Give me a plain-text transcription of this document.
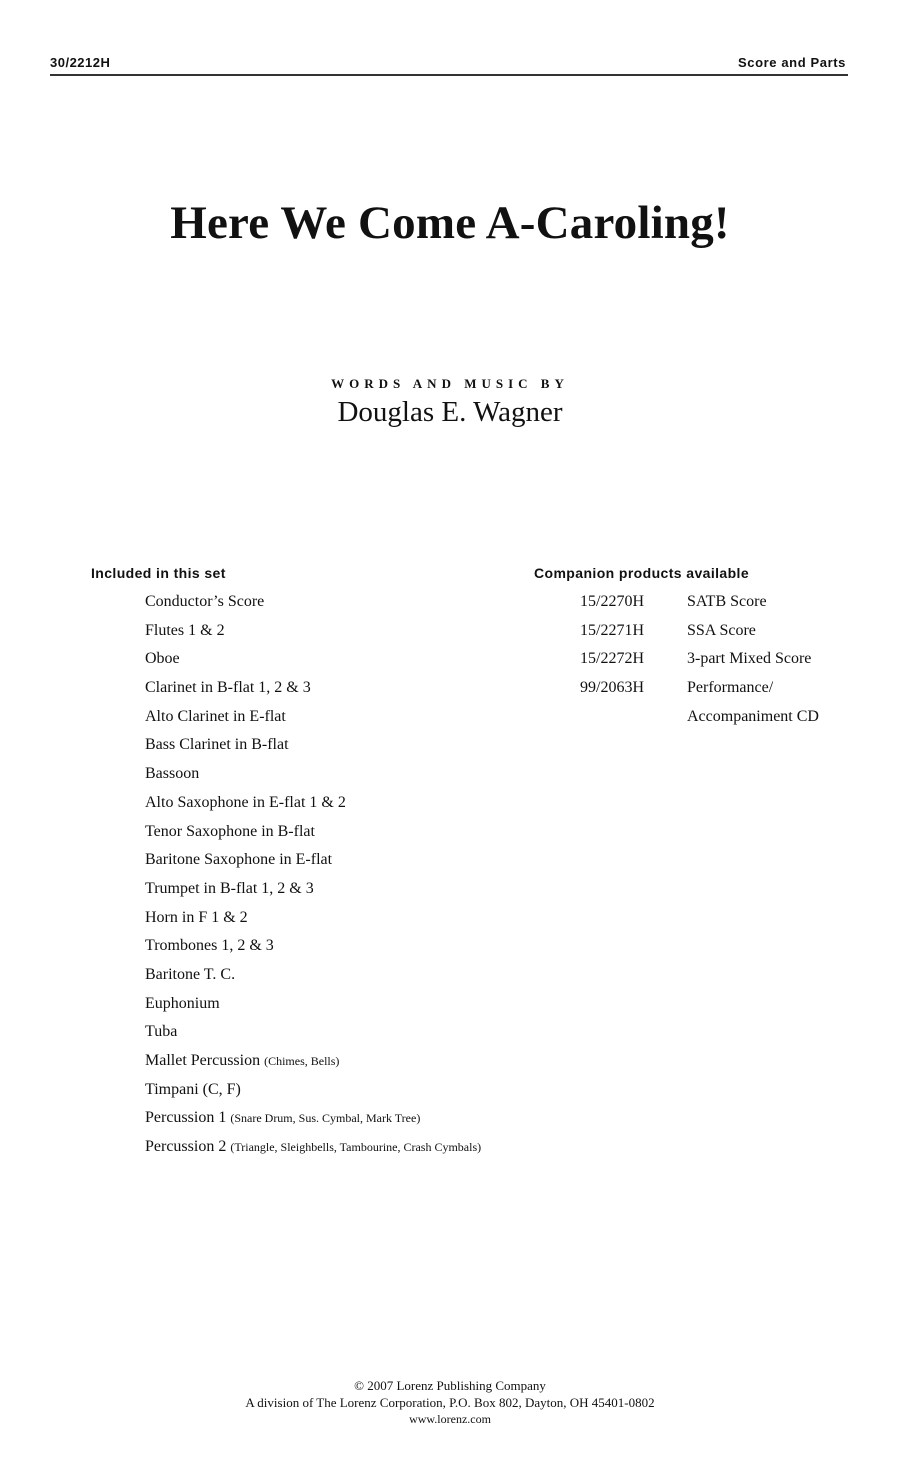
30/2212H	Score and Parts
Here We Come A-Caroling!
WORDS AND MUSIC BY
Douglas E. Wagner
Included in this set
Conductor’s Score
Flutes 1 & 2
Oboe
Clarinet in B-flat 1, 2 & 3
Alto Clarinet in E-flat
Bass Clarinet in B-flat
Bassoon
Alto Saxophone in E-flat 1 & 2
Tenor Saxophone in B-flat
Baritone Saxophone in E-flat
Trumpet in B-flat 1, 2 & 3
Horn in F 1 & 2
Trombones 1, 2 & 3
Baritone T. C.
Euphonium
Tuba
Mallet Percussion (Chimes, Bells)
Timpani (C, F)
Percussion 1 (Snare Drum, Sus. Cymbal, Mark Tree)
Percussion 2 (Triangle, Sleighbells, Tambourine, Crash Cymbals)
Companion products available
15/2270H	SATB Score
15/2271H	SSA Score
15/2272H	3-part Mixed Score
99/2063H	Performance/
Accompaniment CD
© 2007 Lorenz Publishing Company
A division of The Lorenz Corporation, P.O. Box 802, Dayton, OH 45401-0802
www.lorenz.com
